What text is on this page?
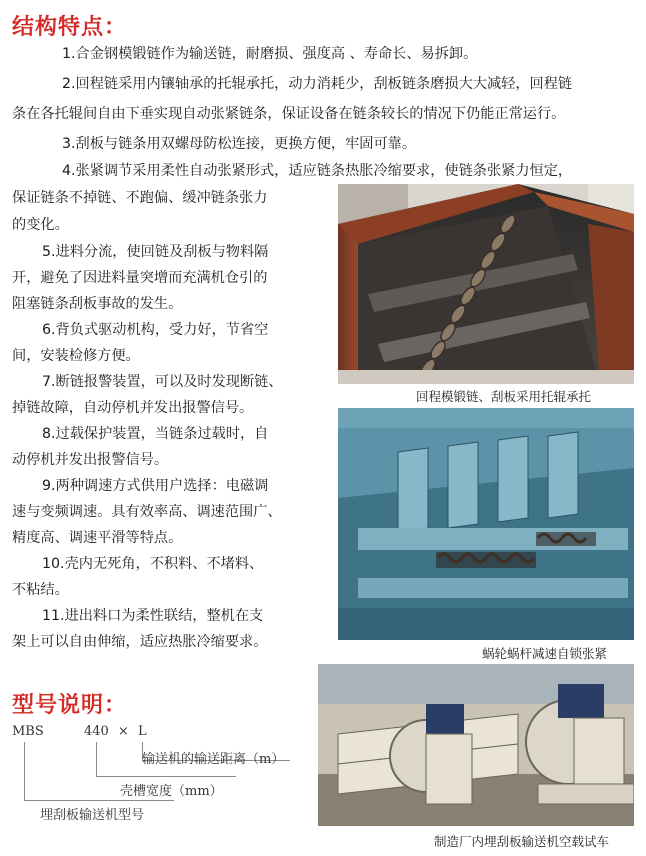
结构特点：
1.合金钢模锻链作为输送链，耐磨损、强度高 、寿命长、易拆卸。
2.回程链采用内镶轴承的托辊承托，动力消耗少，刮板链条磨损大大减轻，回程链
条在各托辊间自由下垂实现自动张紧链条，保证设备在链条较长的情况下仍能正常运行。
3.刮板与链条用双螺母防松连接，更换方便，牢固可靠。
4.张紧调节采用柔性自动张紧形式，适应链条热胀冷缩要求，使链条张紧力恒定，
保证链条不掉链、不跑偏、缓冲链条张力
的变化。
5.进料分流，使回链及刮板与物料隔
开，避免了因进料量突增而充满机仓引的
阻塞链条刮板事故的发生。
6.背负式驱动机构，受力好，节省空
间，安装检修方便。
7.断链报警装置，可以及时发现断链、
掉链故障，自动停机并发出报警信号。
8.过载保护装置，当链条过载时，自
动停机并发出报警信号。
9.两种调速方式供用户选择：电磁调
速与变频调速。具有效率高、调速范围广、
精度高、调速平滑等特点。
10.壳内无死角，不积料、不堵料、
不粘结。
11.进出料口为柔性联结，整机在支
架上可以自由伸缩，适应热胀冷缩要求。
回程模锻链、刮板采用托辊承托
蜗轮蜗杆减速自锁张紧
型号说明：
MBS	440 × L
输送机的输送距离（m）
壳槽宽度（mm）
埋刮板输送机型号
制造厂内埋刮板输送机空载试车
